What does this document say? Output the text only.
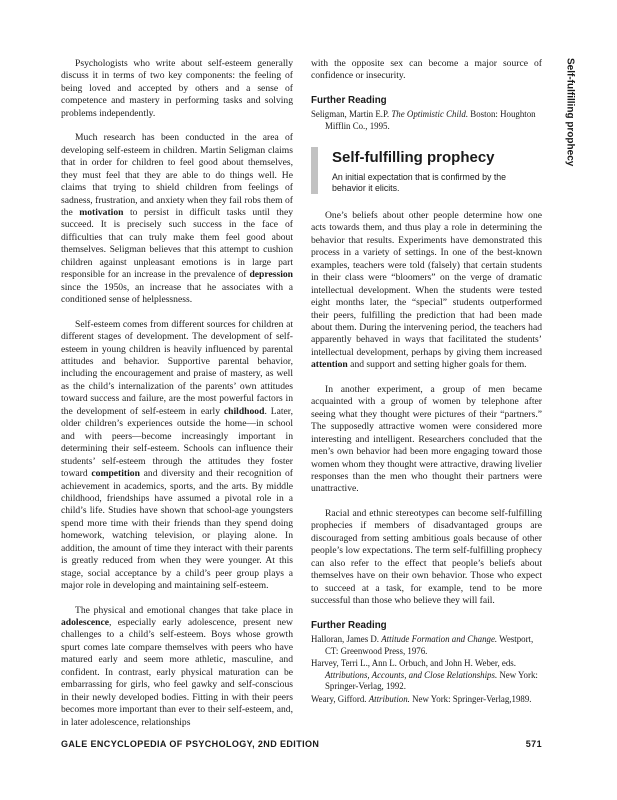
Self-fulfilling prophecy

Psychologists who write about self-esteem generally discuss it in terms of two key components: the feeling of being loved and accepted by others and a sense of competence and mastery in performing tasks and solving problems independently.

Much research has been conducted in the area of developing self-esteem in children. Martin Seligman claims that in order for children to feel good about themselves, they must feel that they are able to do things well. He claims that trying to shield children from feelings of sadness, frustration, and anxiety when they fail robs them of the motivation to persist in difficult tasks until they succeed. It is precisely such success in the face of difficulties that can truly make them feel good about themselves. Seligman believes that this attempt to cushion children against unpleasant emotions is in large part responsible for an increase in the prevalence of depression since the 1950s, an increase that he associates with a conditioned sense of helplessness.

Self-esteem comes from different sources for children at different stages of development. The development of self-esteem in young children is heavily influenced by parental attitudes and behavior. Supportive parental behavior, including the encouragement and praise of mastery, as well as the child’s internalization of the parents’ own attitudes toward success and failure, are the most powerful factors in the development of self-esteem in early childhood. Later, older children’s experiences outside the home—in school and with peers—become increasingly important in determining their self-esteem. Schools can influence their students’ self-esteem through the attitudes they foster toward competition and diversity and their recognition of achievement in academics, sports, and the arts. By middle childhood, friendships have assumed a pivotal role in a child’s life. Studies have shown that school-age youngsters spend more time with their friends than they spend doing homework, watching television, or playing alone. In addition, the amount of time they interact with their parents is greatly reduced from when they were younger. At this stage, social acceptance by a child’s peer group plays a major role in developing and maintaining self-esteem.

The physical and emotional changes that take place in adolescence, especially early adolescence, present new challenges to a child’s self-esteem. Boys whose growth spurt comes late compare themselves with peers who have matured early and seem more athletic, masculine, and confident. In contrast, early physical maturation can be embarrassing for girls, who feel gawky and self-conscious in their newly developed bodies. Fitting in with their peers becomes more important than ever to their self-esteem, and, in later adolescence, relationships

with the opposite sex can become a major source of confidence or insecurity.

Further Reading
Seligman, Martin E.P. The Optimistic Child. Boston: Houghton Mifflin Co., 1995.
Self-fulfilling prophecy
An initial expectation that is confirmed by the behavior it elicits.

One’s beliefs about other people determine how one acts towards them, and thus play a role in determining the behavior that results. Experiments have demonstrated this process in a variety of settings. In one of the best-known examples, teachers were told (falsely) that certain students in their class were “bloomers” on the verge of dramatic intellectual development. When the students were tested eight months later, the “special” students outperformed their peers, fulfilling the prediction that had been made about them. During the intervening period, the teachers had apparently behaved in ways that facilitated the students’ intellectual development, perhaps by giving them increased attention and support and setting higher goals for them.

In another experiment, a group of men became acquainted with a group of women by telephone after seeing what they thought were pictures of their “partners.” The supposedly attractive women were considered more interesting and intelligent. Researchers concluded that the men’s own behavior had been more engaging toward those women whom they thought were attractive, drawing livelier responses than the men who thought their partners were unattractive.

Racial and ethnic stereotypes can become self-fulfilling prophecies if members of disadvantaged groups are discouraged from setting ambitious goals because of other people’s low expectations. The term self-fulfilling prophecy can also refer to the effect that people’s beliefs about themselves have on their own behavior. Those who expect to succeed at a task, for example, tend to be more successful than those who believe they will fail.

Further Reading
Halloran, James D. Attitude Formation and Change. Westport, CT: Greenwood Press, 1976.
Harvey, Terri L., Ann L. Orbuch, and John H. Weber, eds. Attributions, Accounts, and Close Relationships. New York: Springer-Verlag, 1992.
Weary, Gifford. Attribution. New York: Springer-Verlag,1989.
GALE ENCYCLOPEDIA OF PSYCHOLOGY, 2ND EDITION	571
